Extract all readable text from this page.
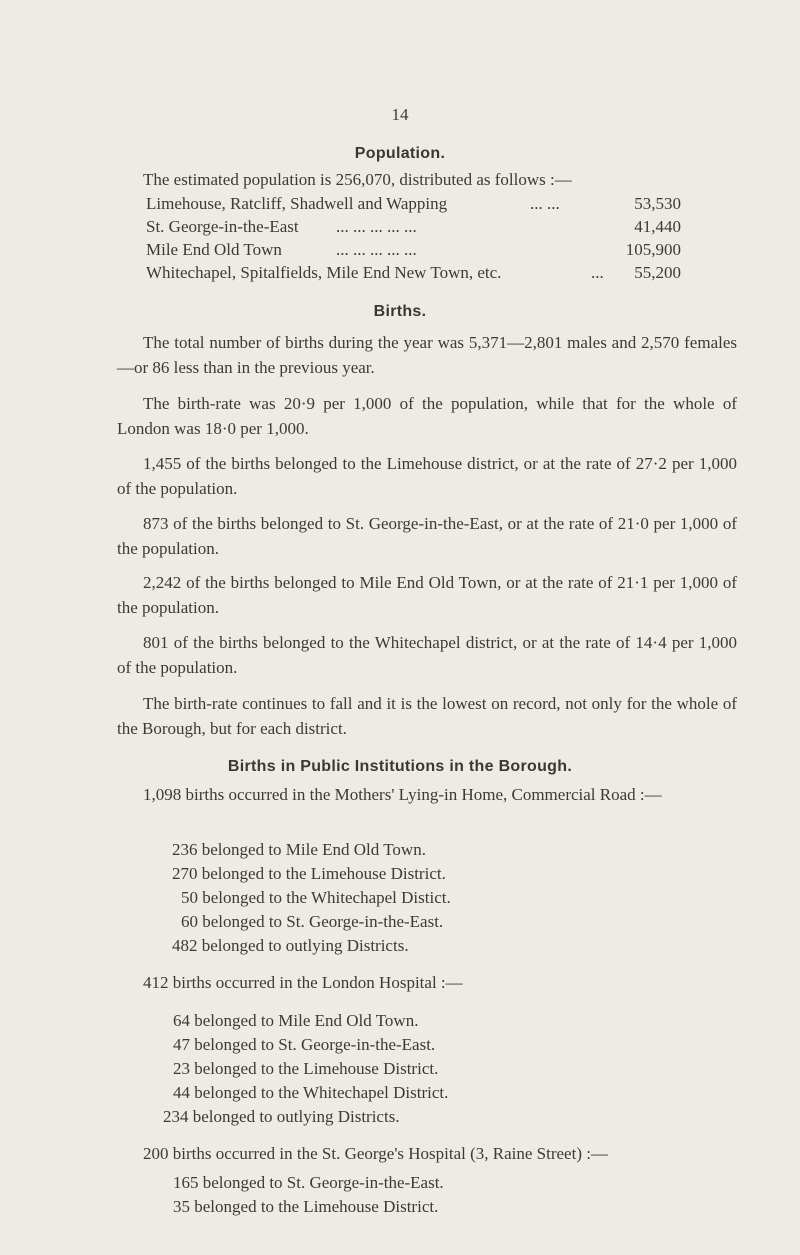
14
Population.
The estimated population is 256,070, distributed as follows :—
Limehouse, Ratcliff, Shadwell and Wapping	... ...	53,530
St. George-in-the-East ... ... ... ... ...	41,440
Mile End Old Town	... ... ... ... ...	105,900
Whitechapel, Spitalfields, Mile End New Town, etc.	...	55,200
Births.
The total number of births during the year was 5,371—2,801 males and 2,570 females—or 86 less than in the previous year.
The birth-rate was 20·9 per 1,000 of the population, while that for the whole of London was 18·0 per 1,000.
1,455 of the births belonged to the Limehouse district, or at the rate of 27·2 per 1,000 of the population.
873 of the births belonged to St. George-in-the-East, or at the rate of 21·0 per 1,000 of the population.
2,242 of the births belonged to Mile End Old Town, or at the rate of 21·1 per 1,000 of the population.
801 of the births belonged to the Whitechapel district, or at the rate of 14·4 per 1,000 of the population.
The birth-rate continues to fall and it is the lowest on record, not only for the whole of the Borough, but for each district.
Births in Public Institutions in the Borough.
1,098 births occurred in the Mothers' Lying-in Home, Commercial Road :—
236 belonged to Mile End Old Town.
270 belonged to the Limehouse District.
50 belonged to the Whitechapel Distict.
60 belonged to St. George-in-the-East.
482 belonged to outlying Districts.
412 births occurred in the London Hospital :—
64 belonged to Mile End Old Town.
47 belonged to St. George-in-the-East.
23 belonged to the Limehouse District.
44 belonged to the Whitechapel District.
234 belonged to outlying Districts.
200 births occurred in the St. George's Hospital (3, Raine Street) :—
165 belonged to St. George-in-the-East.
35 belonged to the Limehouse District.
